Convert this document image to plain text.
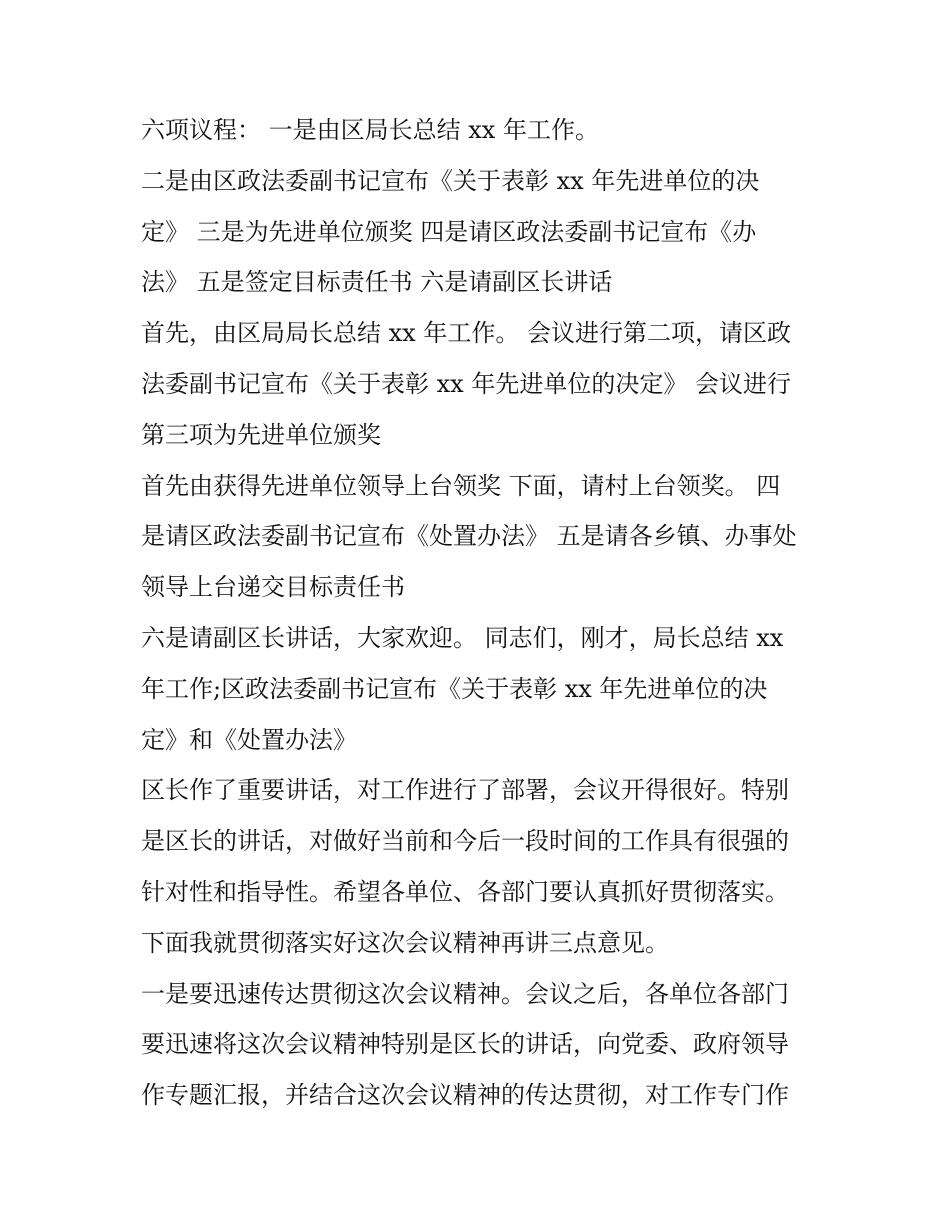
六项议程： 一是由区局长总结 xx 年工作。
二是由区政法委副书记宣布《关于表彰 xx 年先进单位的决
定》 三是为先进单位颁奖 四是请区政法委副书记宣布《办
法》 五是签定目标责任书 六是请副区长讲话
首先，由区局局长总结 xx 年工作。 会议进行第二项，请区政
法委副书记宣布《关于表彰 xx 年先进单位的决定》 会议进行
第三项为先进单位颁奖
首先由获得先进单位领导上台领奖 下面，请村上台领奖。 四
是请区政法委副书记宣布《处置办法》 五是请各乡镇、办事处
领导上台递交目标责任书
六是请副区长讲话，大家欢迎。 同志们，刚才，局长总结 xx
年工作;区政法委副书记宣布《关于表彰 xx 年先进单位的决
定》和《处置办法》
区长作了重要讲话，对工作进行了部署，会议开得很好。特别
是区长的讲话，对做好当前和今后一段时间的工作具有很强的
针对性和指导性。希望各单位、各部门要认真抓好贯彻落实。
下面我就贯彻落实好这次会议精神再讲三点意见。
一是要迅速传达贯彻这次会议精神。会议之后，各单位各部门
要迅速将这次会议精神特别是区长的讲话，向党委、政府领导
作专题汇报，并结合这次会议精神的传达贯彻，对工作专门作
